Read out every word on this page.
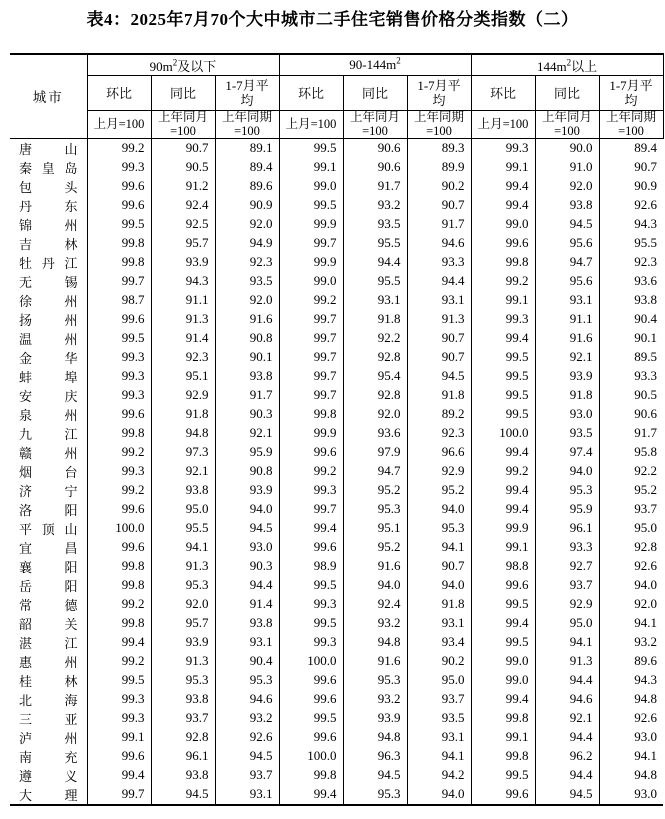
表4：2025年7月70个大中城市二手住宅销售价格分类指数（二）
城市	$90m^2$及以下			$90-144m^2$			$144m^2$以上		
	环比	同比	1-7月平均	环比	同比	1-7月平均	环比	同比	1-7月平均
	上月=100	上年同月=100	上年同期=100	上月=100	上年同月=100	上年同期=100	上月=100	上年同月=100	上年同期=100

唐 山	99.2	90.7	89.1	99.5	90.6	89.3	99.3	90.0	89.4

秦 皇 岛	99.3	90.5	89.4	99.1	90.6	89.9	99.1	91.0	90.7

包 头	99.6	91.2	89.6	99.0	91.7	90.2	99.4	92.0	90.9

丹 东	99.6	92.4	90.9	99.5	93.2	90.7	99.4	93.8	92.6

锦 州	99.5	92.5	92.0	99.9	93.5	91.7	99.0	94.5	94.3

吉 林	99.8	95.7	94.9	99.7	95.5	94.6	99.6	95.6	95.5

牡 丹 江	99.8	93.9	92.3	99.9	94.4	93.3	99.8	94.7	92.3

无 锡	99.7	94.3	93.5	99.0	95.5	94.4	99.2	95.6	93.6

徐 州	98.7	91.1	92.0	99.2	93.1	93.1	99.1	93.1	93.8

扬 州	99.6	91.3	91.6	99.7	91.8	91.3	99.3	91.1	90.4

温 州	99.5	91.4	90.8	99.7	92.2	90.7	99.4	91.6	90.1

金 华	99.3	92.3	90.1	99.7	92.8	90.7	99.5	92.1	89.5

蚌 埠	99.3	95.1	93.8	99.7	95.4	94.5	99.5	93.9	93.3

安 庆	99.3	92.9	91.7	99.7	92.8	91.8	99.5	91.8	90.5

泉 州	99.6	91.8	90.3	99.8	92.0	89.2	99.5	93.0	90.6

九 江	99.8	94.8	92.1	99.9	93.6	92.3	100.0	93.5	91.7

赣 州	99.2	97.3	95.9	99.6	97.9	96.6	99.4	97.4	95.8

烟 台	99.3	92.1	90.8	99.2	94.7	92.9	99.2	94.0	92.2

济 宁	99.2	93.8	93.9	99.3	95.2	95.2	99.4	95.3	95.2

洛 阳	99.6	95.0	94.0	99.7	95.3	94.0	99.4	95.9	93.7

平 顶 山	100.0	95.5	94.5	99.4	95.1	95.3	99.9	96.1	95.0

宜 昌	99.6	94.1	93.0	99.6	95.2	94.1	99.1	93.3	92.8

襄 阳	99.8	91.3	90.3	98.9	91.6	90.7	98.8	92.7	92.6

岳 阳	99.8	95.3	94.4	99.5	94.0	94.0	99.6	93.7	94.0

常 德	99.2	92.0	91.4	99.3	92.4	91.8	99.5	92.9	92.0

韶 关	99.8	95.7	93.8	99.5	93.2	93.1	99.4	95.0	94.1

湛 江	99.4	93.9	93.1	99.3	94.8	93.4	99.5	94.1	93.2

惠 州	99.2	91.3	90.4	100.0	91.6	90.2	99.0	91.3	89.6

桂 林	99.5	95.3	95.3	99.6	95.3	95.0	99.0	94.4	94.3

北 海	99.3	93.8	94.6	99.6	93.2	93.7	99.4	94.6	94.8

三 亚	99.3	93.7	93.2	99.5	93.9	93.5	99.8	92.1	92.6

泸 州	99.1	92.8	92.6	99.6	94.8	93.1	99.1	94.4	93.0

南 充	99.6	96.1	94.5	100.0	96.3	94.1	99.8	96.2	94.1

遵 义	99.4	93.8	93.7	99.8	94.5	94.2	99.5	94.4	94.8

大 理	99.7	94.5	93.1	99.4	95.3	94.0	99.6	94.5	93.0
